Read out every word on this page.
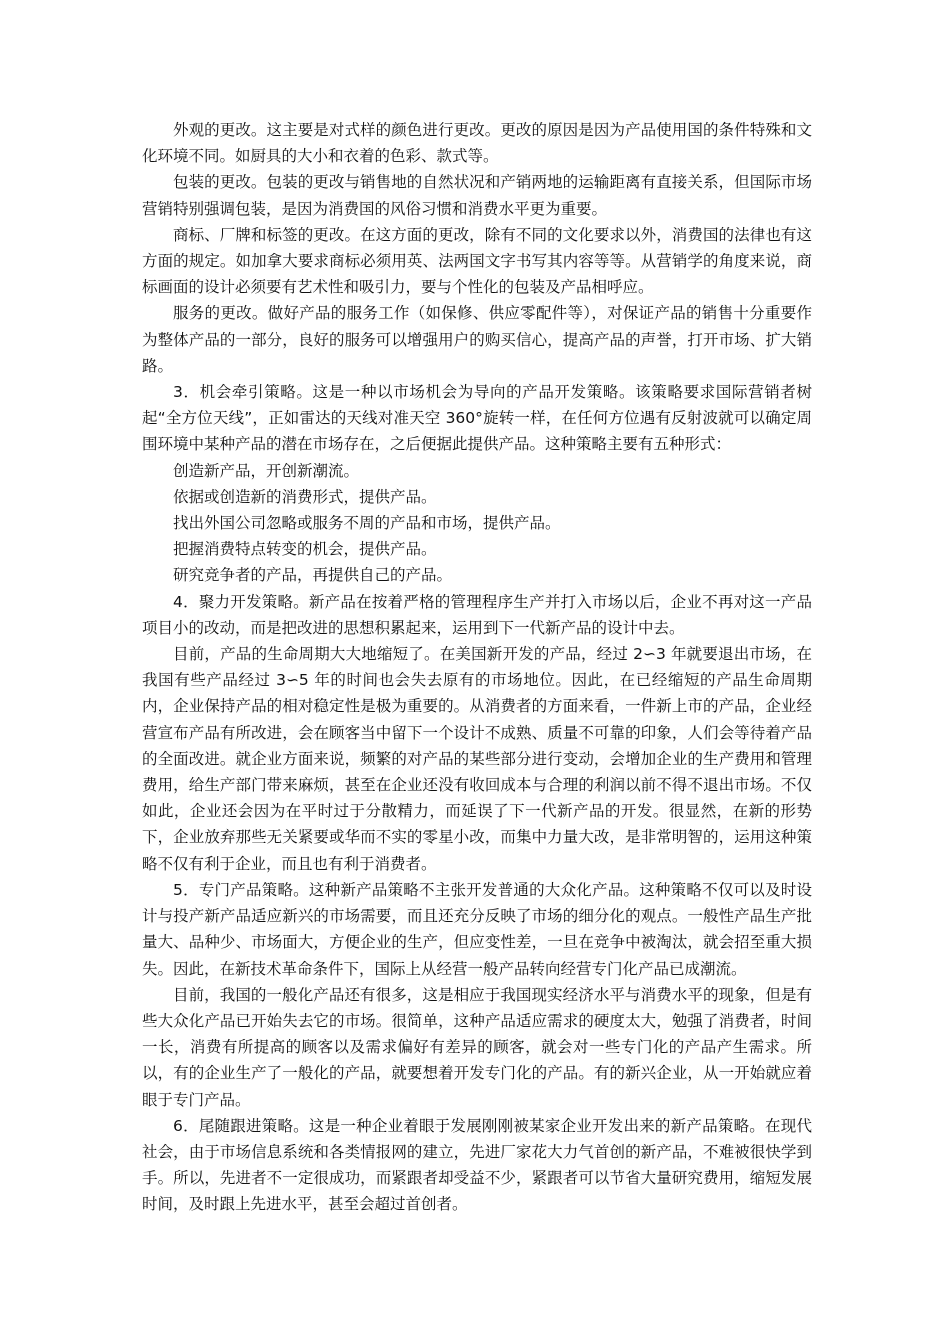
外观的更改。这主要是对式样的颜色进行更改。更改的原因是因为产品使用国的条件特殊和文化环境不同。如厨具的大小和衣着的色彩、款式等。

包装的更改。包装的更改与销售地的自然状况和产销两地的运输距离有直接关系，但国际市场营销特别强调包装，是因为消费国的风俗习惯和消费水平更为重要。

商标、厂牌和标签的更改。在这方面的更改，除有不同的文化要求以外，消费国的法律也有这方面的规定。如加拿大要求商标必须用英、法两国文字书写其内容等等。从营销学的角度来说，商标画面的设计必须要有艺术性和吸引力，要与个性化的包装及产品相呼应。

服务的更改。做好产品的服务工作（如保修、供应零配件等），对保证产品的销售十分重要作为整体产品的一部分，良好的服务可以增强用户的购买信心，提高产品的声誉，打开市场、扩大销路。

3．机会牵引策略。这是一种以市场机会为导向的产品开发策略。该策略要求国际营销者树起“全方位天线”，正如雷达的天线对准天空 360°旋转一样，在任何方位遇有反射波就可以确定周围环境中某种产品的潜在市场存在，之后便据此提供产品。这种策略主要有五种形式：

创造新产品，开创新潮流。

依据或创造新的消费形式，提供产品。

找出外国公司忽略或服务不周的产品和市场，提供产品。

把握消费特点转变的机会，提供产品。

研究竞争者的产品，再提供自己的产品。

4．聚力开发策略。新产品在按着严格的管理程序生产并打入市场以后，企业不再对这一产品项目小的改动，而是把改进的思想积累起来，运用到下一代新产品的设计中去。

目前，产品的生命周期大大地缩短了。在美国新开发的产品，经过 2∽3 年就要退出市场，在我国有些产品经过 3∽5 年的时间也会失去原有的市场地位。因此，在已经缩短的产品生命周期内，企业保持产品的相对稳定性是极为重要的。从消费者的方面来看，一件新上市的产品，企业经营宣布产品有所改进，会在顾客当中留下一个设计不成熟、质量不可靠的印象，人们会等待着产品的全面改进。就企业方面来说，频繁的对产品的某些部分进行变动，会增加企业的生产费用和管理费用，给生产部门带来麻烦，甚至在企业还没有收回成本与合理的利润以前不得不退出市场。不仅如此，企业还会因为在平时过于分散精力，而延误了下一代新产品的开发。很显然，在新的形势下，企业放弃那些无关紧要或华而不实的零星小改，而集中力量大改，是非常明智的，运用这种策略不仅有利于企业，而且也有利于消费者。

5．专门产品策略。这种新产品策略不主张开发普通的大众化产品。这种策略不仅可以及时设计与投产新产品适应新兴的市场需要，而且还充分反映了市场的细分化的观点。一般性产品生产批量大、品种少、市场面大，方便企业的生产，但应变性差，一旦在竞争中被淘汰，就会招至重大损失。因此，在新技术革命条件下，国际上从经营一般产品转向经营专门化产品已成潮流。

目前，我国的一般化产品还有很多，这是相应于我国现实经济水平与消费水平的现象，但是有些大众化产品已开始失去它的市场。很简单，这种产品适应需求的硬度太大，勉强了消费者，时间一长，消费有所提高的顾客以及需求偏好有差异的顾客，就会对一些专门化的产品产生需求。所以，有的企业生产了一般化的产品，就要想着开发专门化的产品。有的新兴企业，从一开始就应着眼于专门产品。

6．尾随跟进策略。这是一种企业着眼于发展刚刚被某家企业开发出来的新产品策略。在现代社会，由于市场信息系统和各类情报网的建立，先进厂家花大力气首创的新产品，不难被很快学到手。所以，先进者不一定很成功，而紧跟者却受益不少，紧跟者可以节省大量研究费用，缩短发展时间，及时跟上先进水平，甚至会超过首创者。
